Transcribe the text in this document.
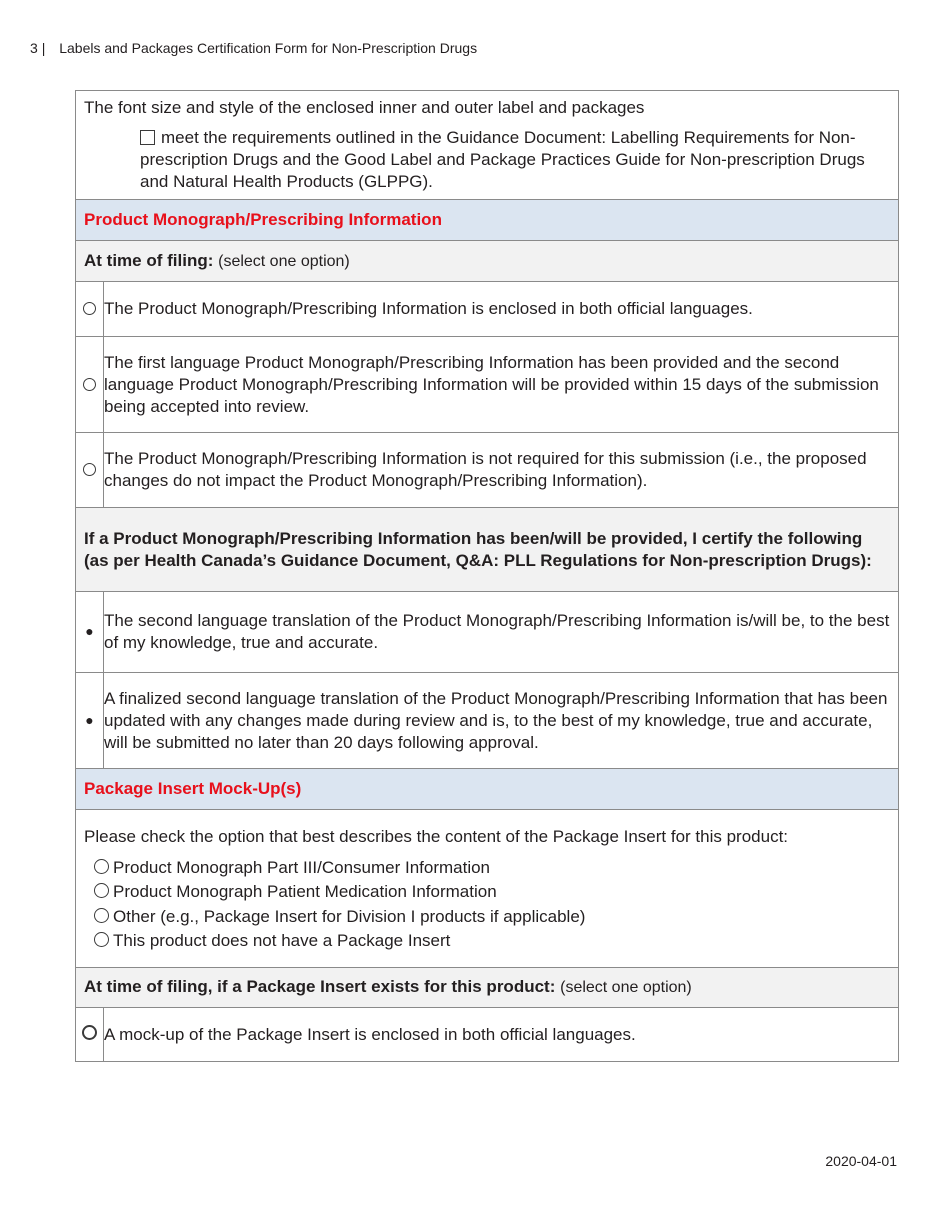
3 | Labels and Packages Certification Form for Non-Prescription Drugs
The font size and style of the enclosed inner and outer label and packages
meet the requirements outlined in the Guidance Document: Labelling Requirements for Non-prescription Drugs and the Good Label and Package Practices Guide for Non-prescription Drugs and Natural Health Products (GLPPG).	

Product Monograph/Prescribing Information	
At time of filing: (select one option)	
	The Product Monograph/Prescribing Information is enclosed in both official languages.
	The first language Product Monograph/Prescribing Information has been provided and the second language Product Monograph/Prescribing Information will be provided within 15 days of the submission being accepted into review.
	The Product Monograph/Prescribing Information is not required for this submission (i.e., the proposed changes do not impact the Product Monograph/Prescribing Information).
If a Product Monograph/Prescribing Information has been/will be provided, I certify the following (as per Health Canada’s Guidance Document, Q&A: PLL Regulations for Non-prescription Drugs):	
●	The second language translation of the Product Monograph/Prescribing Information is/will be, to the best of my knowledge, true and accurate.
●	A finalized second language translation of the Product Monograph/Prescribing Information that has been updated with any changes made during review and is, to the best of my knowledge, true and accurate, will be submitted no later than 20 days following approval.
Package Insert Mock-Up(s)	

Please check the option that best describes the content of the Package Insert for this product:
Product Monograph Part III/Consumer Information
Product Monograph Patient Medication Information
Other (e.g., Package Insert for Division I products if applicable)
This product does not have a Package Insert	

At time of filing, if a Package Insert exists for this product: (select one option)	
	A mock-up of the Package Insert is enclosed in both official languages.
2020-04-01
